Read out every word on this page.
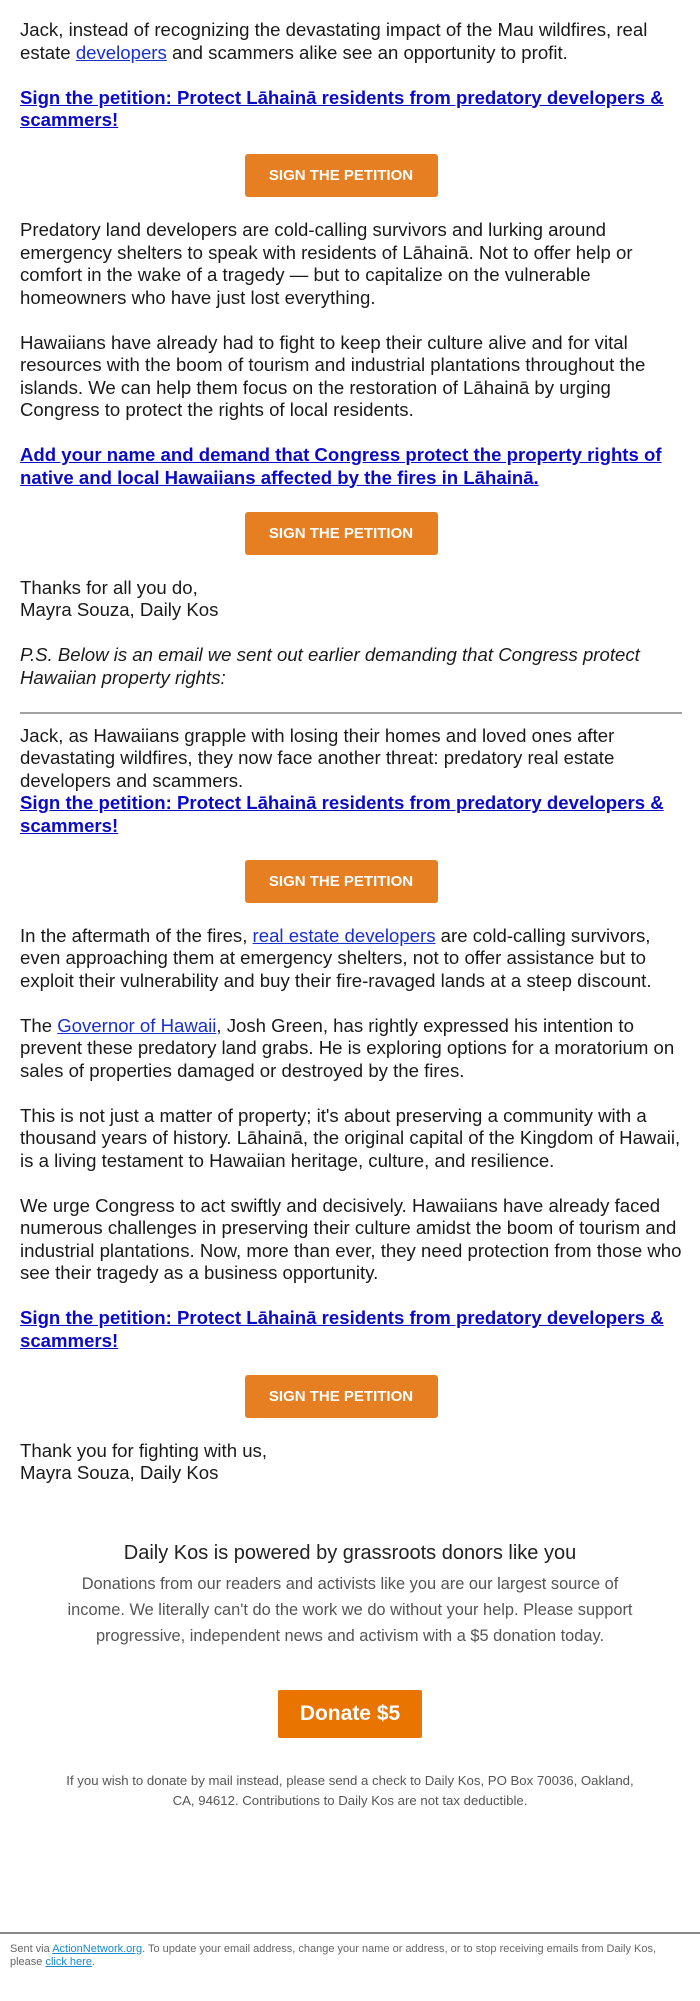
Jack, instead of recognizing the devastating impact of the Mau wildfires, real estate developers and scammers alike see an opportunity to profit.

Sign the petition: Protect Lāhainā residents from predatory developers & scammers!

SIGN THE PETITION

Predatory land developers are cold-calling survivors and lurking around emergency shelters to speak with residents of Lāhainā. Not to offer help or comfort in the wake of a tragedy — but to capitalize on the vulnerable homeowners who have just lost everything.

Hawaiians have already had to fight to keep their culture alive and for vital resources with the boom of tourism and industrial plantations throughout the islands. We can help them focus on the restoration of Lāhainā by urging Congress to protect the rights of local residents.

Add your name and demand that Congress protect the property rights of native and local Hawaiians affected by the fires in Lāhainā.

SIGN THE PETITION

Thanks for all you do,
Mayra Souza, Daily Kos

P.S. Below is an email we sent out earlier demanding that Congress protect Hawaiian property rights:

Jack, as Hawaiians grapple with losing their homes and loved ones after devastating wildfires, they now face another threat: predatory real estate developers and scammers.

Sign the petition: Protect Lāhainā residents from predatory developers & scammers!

SIGN THE PETITION

In the aftermath of the fires, real estate developers are cold-calling survivors, even approaching them at emergency shelters, not to offer assistance but to exploit their vulnerability and buy their fire-ravaged lands at a steep discount.

The Governor of Hawaii, Josh Green, has rightly expressed his intention to prevent these predatory land grabs. He is exploring options for a moratorium on sales of properties damaged or destroyed by the fires.

This is not just a matter of property; it's about preserving a community with a thousand years of history. Lāhainā, the original capital of the Kingdom of Hawaii, is a living testament to Hawaiian heritage, culture, and resilience.

We urge Congress to act swiftly and decisively. Hawaiians have already faced numerous challenges in preserving their culture amidst the boom of tourism and industrial plantations. Now, more than ever, they need protection from those who see their tragedy as a business opportunity.

Sign the petition: Protect Lāhainā residents from predatory developers & scammers!

SIGN THE PETITION

Thank you for fighting with us,
Mayra Souza, Daily Kos

Daily Kos is powered by grassroots donors like you
Donations from our readers and activists like you are our largest source of income. We literally can't do the work we do without your help. Please support progressive, independent news and activism with a $5 donation today.
Donate $5
If you wish to donate by mail instead, please send a check to Daily Kos, PO Box 70036, Oakland, CA, 94612. Contributions to Daily Kos are not tax deductible.

Sent via ActionNetwork.org. To update your email address, change your name or address, or to stop receiving emails from Daily Kos, please click here.
